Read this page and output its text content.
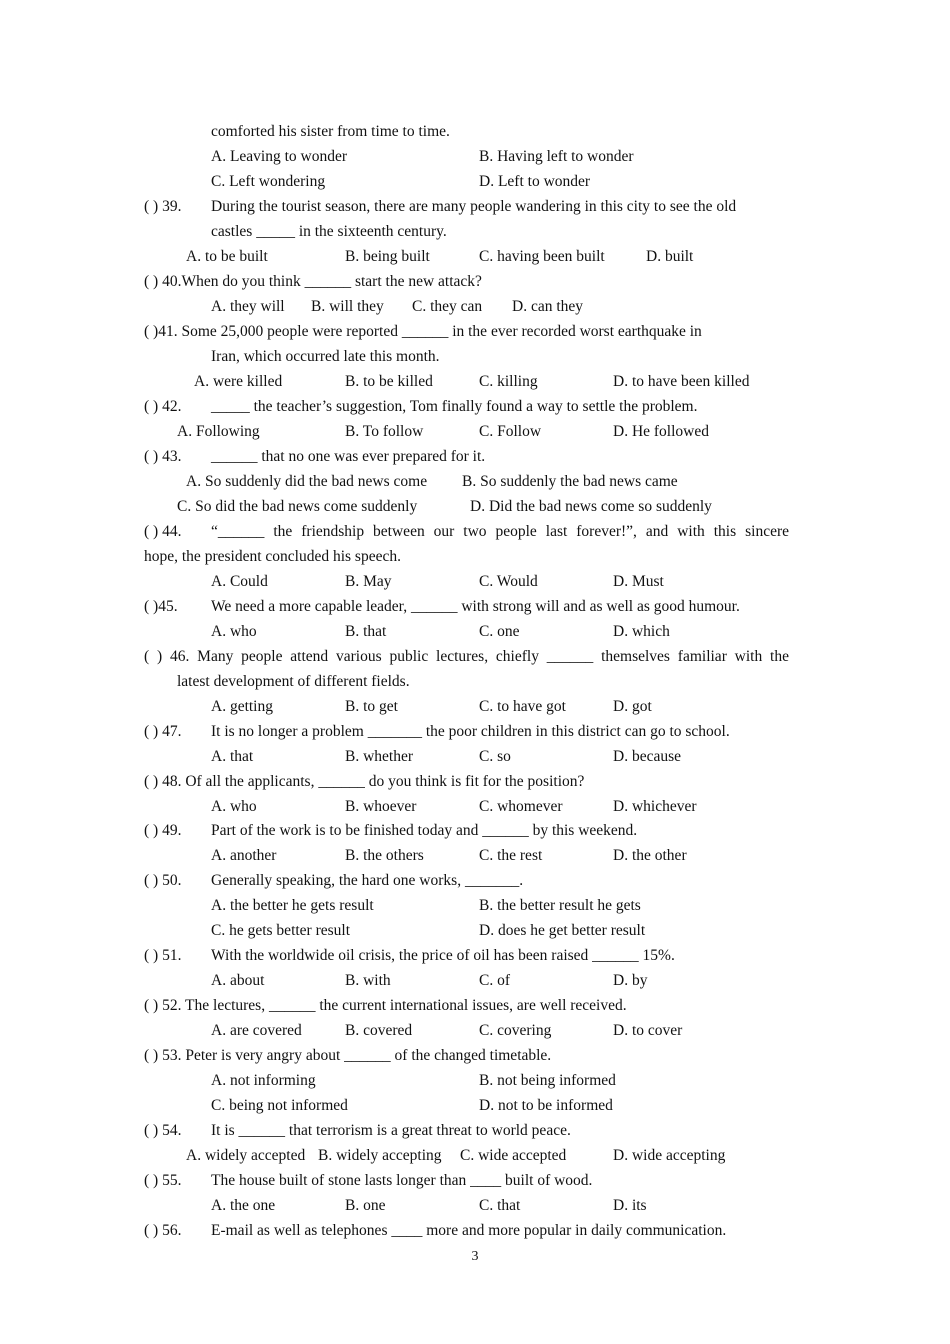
comforted his sister from time to time.
A. Leaving to wonder	B. Having left to wonder
C. Left wondering	D. Left to wonder
( ) 39. During the tourist season, there are many people wandering in this city to see the old
castles _____ in the sixteenth century.
A. to be built	B. being built	C. having been built	D. built
( ) 40.When do you think ______ start the new attack?
A. they will B. will they C. they can D. can they
( )41. Some 25,000 people were reported ______ in the ever recorded worst earthquake in
Iran, which occurred late this month.
A. were killed	B. to be killed	C. killing	D. to have been killed
( ) 42. _____ the teacher’s suggestion, Tom finally found a way to settle the problem.
A. Following	B. To follow	C. Follow	D. He followed
( ) 43. ______ that no one was ever prepared for it.
A. So suddenly did the bad news come B. So suddenly the bad news came
C. So did the bad news come suddenly	D. Did the bad news come so suddenly
( ) 44. “______ the friendship between our two people last forever!”, and with this sincere
hope, the president concluded his speech.
A. Could	B. May	C. Would	D. Must
( )45. We need a more capable leader, ______ with strong will and as well as good humour.
A. who	B. that	C. one	D. which
( ) 46. Many people attend various public lectures, chiefly ______ themselves familiar with the
latest development of different fields.
A. getting	B. to get	C. to have got	D. got
( ) 47. It is no longer a problem _______ the poor children in this district can go to school.
A. that	B. whether	C. so	D. because
( ) 48. Of all the applicants, ______ do you think is fit for the position?
A. who	B. whoever	C. whomever	D. whichever
( ) 49. Part of the work is to be finished today and ______ by this weekend.
A. another	B. the others	C. the rest	D. the other
( ) 50. Generally speaking, the hard one works, _______.
A. the better he gets result	B. the better result he gets
C. he gets better result	D. does he get better result
( ) 51. With the worldwide oil crisis, the price of oil has been raised ______ 15%.
A. about	B. with	C. of	D. by
( ) 52. The lectures, ______ the current international issues, are well received.
A. are covered	B. covered	C. covering	D. to cover
( ) 53. Peter is very angry about ______ of the changed timetable.
A. not informing	B. not being informed
C. being not informed	D. not to be informed
( ) 54. It is ______ that terrorism is a great threat to world peace.
A. widely accepted B. widely accepting C. wide accepted	D. wide accepting
( ) 55. The house built of stone lasts longer than ____ built of wood.
A. the one	B. one	C. that	D. its
( ) 56. E-mail as well as telephones ____ more and more popular in daily communication.
3
